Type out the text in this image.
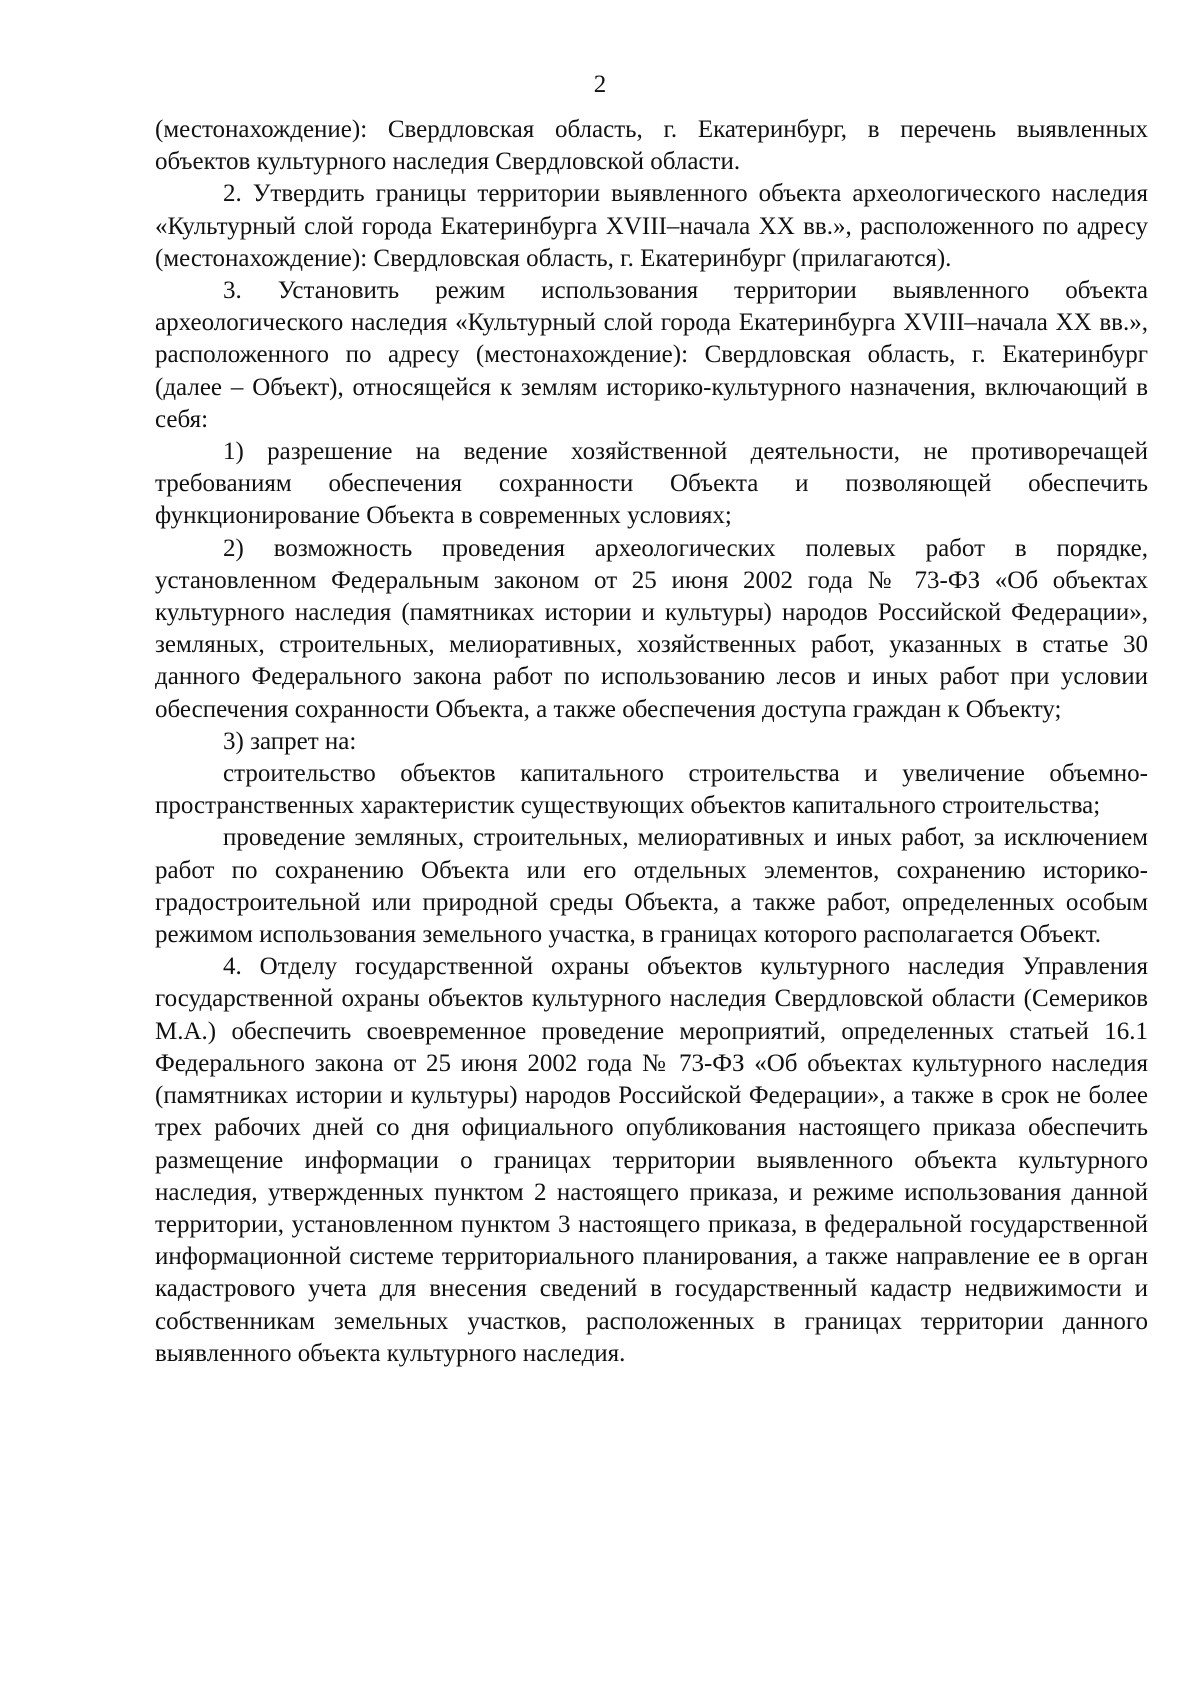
2

(местонахождение): Свердловская область, г. Екатеринбург, в перечень выявленных объектов культурного наследия Свердловской области.

2. Утвердить границы территории выявленного объекта археологического наследия «Культурный слой города Екатеринбурга XVIII–начала XX вв.», расположенного по адресу (местонахождение): Свердловская область, г. Екатеринбург (прилагаются).

3. Установить режим использования территории выявленного объекта археологического наследия «Культурный слой города Екатеринбурга XVIII–начала XX вв.», расположенного по адресу (местонахождение): Свердловская область, г. Екатеринбург (далее – Объект), относящейся к землям историко-культурного назначения, включающий в себя:

1) разрешение на ведение хозяйственной деятельности, не противоречащей требованиям обеспечения сохранности Объекта и позволяющей обеспечить функционирование Объекта в современных условиях;

2) возможность проведения археологических полевых работ в порядке, установленном Федеральным законом от 25 июня 2002 года № 73-ФЗ «Об объектах культурного наследия (памятниках истории и культуры) народов Российской Федерации», земляных, строительных, мелиоративных, хозяйственных работ, указанных в статье 30 данного Федерального закона работ по использованию лесов и иных работ при условии обеспечения сохранности Объекта, а также обеспечения доступа граждан к Объекту;

3) запрет на:

строительство объектов капитального строительства и увеличение объемно-пространственных характеристик существующих объектов капитального строительства;

проведение земляных, строительных, мелиоративных и иных работ, за исключением работ по сохранению Объекта или его отдельных элементов, сохранению историко-градостроительной или природной среды Объекта, а также работ, определенных особым режимом использования земельного участка, в границах которого располагается Объект.

4. Отделу государственной охраны объектов культурного наследия Управления государственной охраны объектов культурного наследия Свердловской области (Семериков М.А.) обеспечить своевременное проведение мероприятий, определенных статьей 16.1 Федерального закона от 25 июня 2002 года № 73-ФЗ «Об объектах культурного наследия (памятниках истории и культуры) народов Российской Федерации», а также в срок не более трех рабочих дней со дня официального опубликования настоящего приказа обеспечить размещение информации о границах территории выявленного объекта культурного наследия, утвержденных пунктом 2 настоящего приказа, и режиме использования данной территории, установленном пунктом 3 настоящего приказа, в федеральной государственной информационной системе территориального планирования, а также направление ее в орган кадастрового учета для внесения сведений в государственный кадастр недвижимости и собственникам земельных участков, расположенных в границах территории данного выявленного объекта культурного наследия.
